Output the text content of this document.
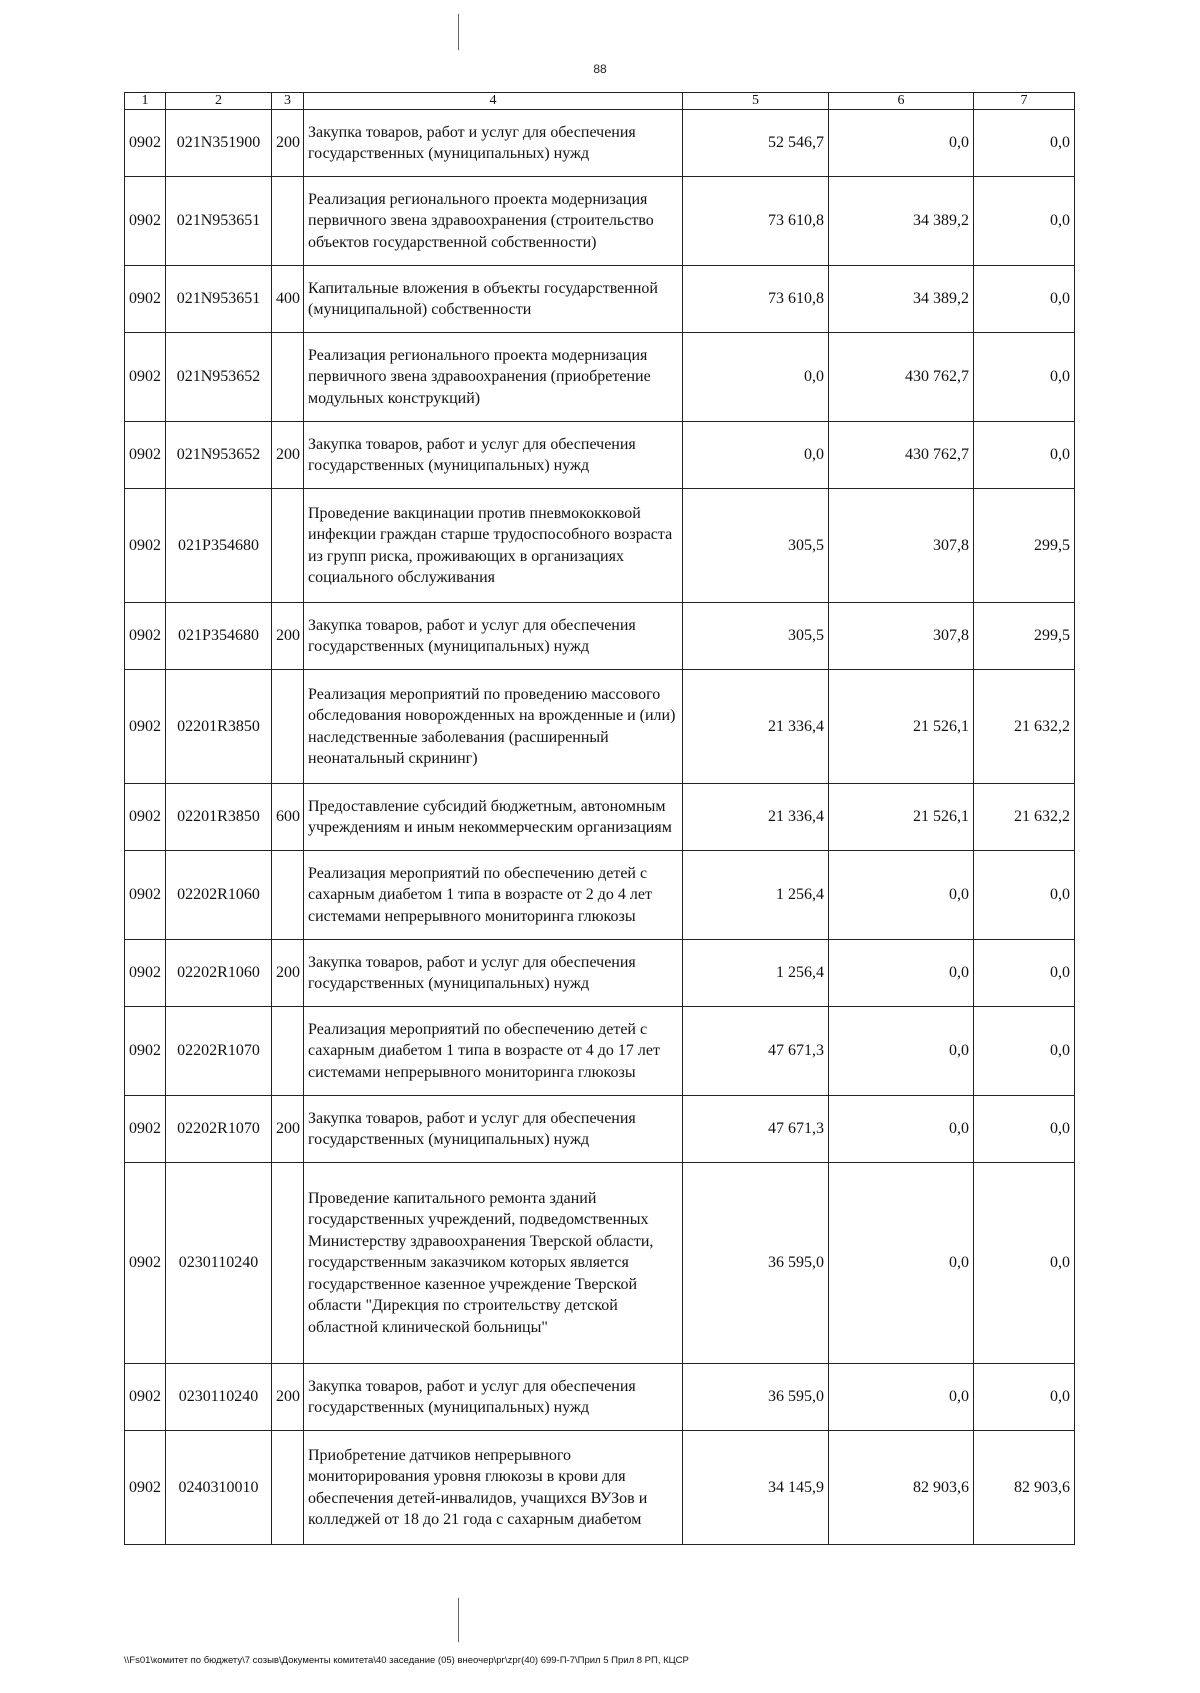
88
1	2	3	4	5	6	7
0902	021N351900	200	Закупка товаров, работ и услуг для обеспечения государственных (муниципальных) нужд	52 546,7	0,0	0,0
0902	021N953651		Реализация регионального проекта модернизация первичного звена здравоохранения (строительство объектов государственной собственности)	73 610,8	34 389,2	0,0
0902	021N953651	400	Капитальные вложения в объекты государственной (муниципальной) собственности	73 610,8	34 389,2	0,0
0902	021N953652		Реализация регионального проекта модернизация первичного звена здравоохранения (приобретение модульных конструкций)	0,0	430 762,7	0,0
0902	021N953652	200	Закупка товаров, работ и услуг для обеспечения государственных (муниципальных) нужд	0,0	430 762,7	0,0
0902	021P354680		Проведение вакцинации против пневмококковой инфекции граждан старше трудоспособного возраста из групп риска, проживающих в организациях социального обслуживания	305,5	307,8	299,5
0902	021P354680	200	Закупка товаров, работ и услуг для обеспечения государственных (муниципальных) нужд	305,5	307,8	299,5
0902	02201R3850		Реализация мероприятий по проведению массового обследования новорожденных на врожденные и (или) наследственные заболевания (расширенный неонатальный скрининг)	21 336,4	21 526,1	21 632,2
0902	02201R3850	600	Предоставление субсидий бюджетным, автономным учреждениям и иным некоммерческим организациям	21 336,4	21 526,1	21 632,2
0902	02202R1060		Реализация мероприятий по обеспечению детей с сахарным диабетом 1 типа в возрасте от 2 до 4 лет системами непрерывного мониторинга глюкозы	1 256,4	0,0	0,0
0902	02202R1060	200	Закупка товаров, работ и услуг для обеспечения государственных (муниципальных) нужд	1 256,4	0,0	0,0
0902	02202R1070		Реализация мероприятий по обеспечению детей с сахарным диабетом 1 типа в возрасте от 4 до 17 лет системами непрерывного мониторинга глюкозы	47 671,3	0,0	0,0
0902	02202R1070	200	Закупка товаров, работ и услуг для обеспечения государственных (муниципальных) нужд	47 671,3	0,0	0,0
0902	0230110240		Проведение капитального ремонта зданий государственных учреждений, подведомственных Министерству здравоохранения Тверской области, государственным заказчиком которых является государственное казенное учреждение Тверской области "Дирекция по строительству детской областной клинической больницы"	36 595,0	0,0	0,0
0902	0230110240	200	Закупка товаров, работ и услуг для обеспечения государственных (муниципальных) нужд	36 595,0	0,0	0,0
0902	0240310010		Приобретение датчиков непрерывного мониторирования уровня глюкозы в крови для обеспечения детей-инвалидов, учащихся ВУЗов и колледжей от 18 до 21 года с сахарным диабетом	34 145,9	82 903,6	82 903,6
\\Fs01\комитет по бюджету\7 созыв\Документы комитета\40 заседание (05) внеочер\рг\zрг(40) 699-П-7\Прил 5 Прил 8 РП, КЦСР
